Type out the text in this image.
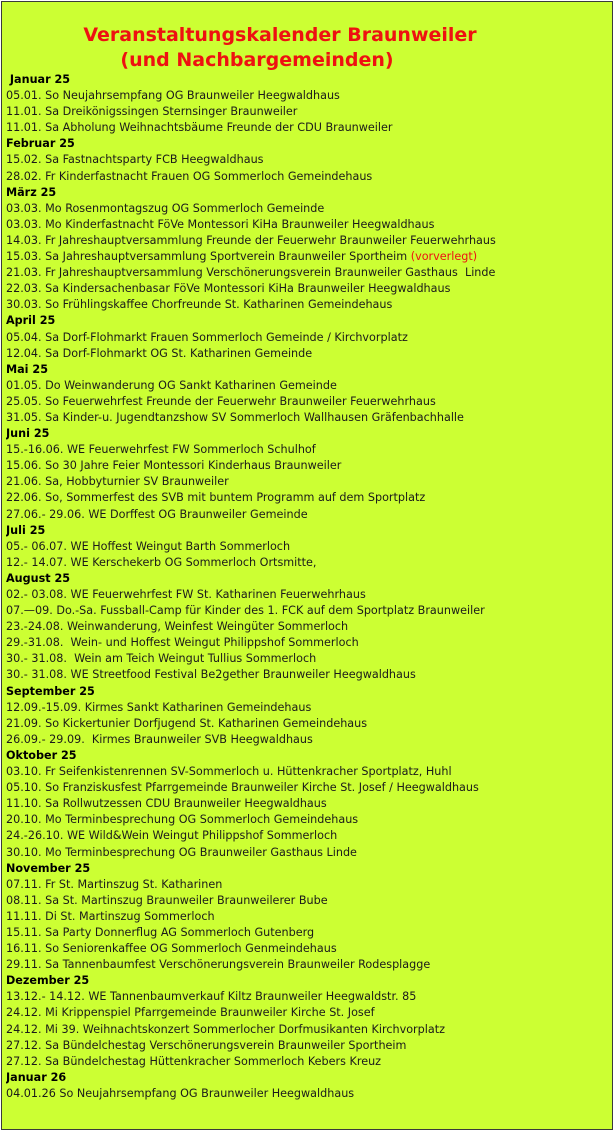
Veranstaltungskalender Braunweiler
(und Nachbargemeinden)
Januar 25
05.01. So Neujahrsempfang OG Braunweiler Heegwaldhaus
11.01. Sa Dreikönigssingen Sternsinger Braunweiler
11.01. Sa Abholung Weihnachtsbäume Freunde der CDU Braunweiler
Februar 25
15.02. Sa Fastnachtsparty FCB Heegwaldhaus
28.02. Fr Kinderfastnacht Frauen OG Sommerloch Gemeindehaus
März 25
03.03. Mo Rosenmontagszug OG Sommerloch Gemeinde
03.03. Mo Kinderfastnacht FöVe Montessori KiHa Braunweiler Heegwaldhaus
14.03. Fr Jahreshauptversammlung Freunde der Feuerwehr Braunweiler Feuerwehrhaus
15.03. Sa Jahreshauptversammlung Sportverein Braunweiler Sportheim (vorverlegt)
21.03. Fr Jahreshauptversammlung Verschönerungsverein Braunweiler Gasthaus  Linde
22.03. Sa Kindersachenbasar FöVe Montessori KiHa Braunweiler Heegwaldhaus
30.03. So Frühlingskaffee Chorfreunde St. Katharinen Gemeindehaus
April 25
05.04. Sa Dorf-Flohmarkt Frauen Sommerloch Gemeinde / Kirchvorplatz
12.04. Sa Dorf-Flohmarkt OG St. Katharinen Gemeinde
Mai 25
01.05. Do Weinwanderung OG Sankt Katharinen Gemeinde
25.05. So Feuerwehrfest Freunde der Feuerwehr Braunweiler Feuerwehrhaus
31.05. Sa Kinder-u. Jugendtanzshow SV Sommerloch Wallhausen Gräfenbachhalle
Juni 25
15.-16.06. WE Feuerwehrfest FW Sommerloch Schulhof
15.06. So 30 Jahre Feier Montessori Kinderhaus Braunweiler
21.06. Sa, Hobbyturnier SV Braunweiler
22.06. So, Sommerfest des SVB mit buntem Programm auf dem Sportplatz
27.06.- 29.06. WE Dorffest OG Braunweiler Gemeinde
Juli 25
05.- 06.07. WE Hoffest Weingut Barth Sommerloch
12.- 14.07. WE Kerschekerb OG Sommerloch Ortsmitte,
August 25
02.- 03.08. WE Feuerwehrfest FW St. Katharinen Feuerwehrhaus
07.—09. Do.-Sa. Fussball-Camp für Kinder des 1. FCK auf dem Sportplatz Braunweiler
23.-24.08. Weinwanderung, Weinfest Weingüter Sommerloch
29.-31.08.  Wein- und Hoffest Weingut Philippshof Sommerloch
30.- 31.08.  Wein am Teich Weingut Tullius Sommerloch
30.- 31.08. WE Streetfood Festival Be2gether Braunweiler Heegwaldhaus
September 25
12.09.-15.09. Kirmes Sankt Katharinen Gemeindehaus
21.09. So Kickertunier Dorfjugend St. Katharinen Gemeindehaus
26.09.- 29.09.  Kirmes Braunweiler SVB Heegwaldhaus
Oktober 25
03.10. Fr Seifenkistenrennen SV-Sommerloch u. Hüttenkracher Sportplatz, Huhl
05.10. So Franziskusfest Pfarrgemeinde Braunweiler Kirche St. Josef / Heegwaldhaus
11.10. Sa Rollwutzessen CDU Braunweiler Heegwaldhaus
20.10. Mo Terminbesprechung OG Sommerloch Gemeindehaus
24.-26.10. WE Wild&Wein Weingut Philippshof Sommerloch
30.10. Mo Terminbesprechung OG Braunweiler Gasthaus Linde
November 25
07.11. Fr St. Martinszug St. Katharinen
08.11. Sa St. Martinszug Braunweiler Braunweilerer Bube
11.11. Di St. Martinszug Sommerloch
15.11. Sa Party Donnerflug AG Sommerloch Gutenberg
16.11. So Seniorenkaffee OG Sommerloch Genmeindehaus
29.11. Sa Tannenbaumfest Verschönerungsverein Braunweiler Rodesplagge
Dezember 25
13.12.- 14.12. WE Tannenbaumverkauf Kiltz Braunweiler Heegwaldstr. 85
24.12. Mi Krippenspiel Pfarrgemeinde Braunweiler Kirche St. Josef
24.12. Mi 39. Weihnachtskonzert Sommerlocher Dorfmusikanten Kirchvorplatz
27.12. Sa Bündelchestag Verschönerungsverein Braunweiler Sportheim
27.12. Sa Bündelchestag Hüttenkracher Sommerloch Kebers Kreuz
Januar 26
04.01.26 So Neujahrsempfang OG Braunweiler Heegwaldhaus
